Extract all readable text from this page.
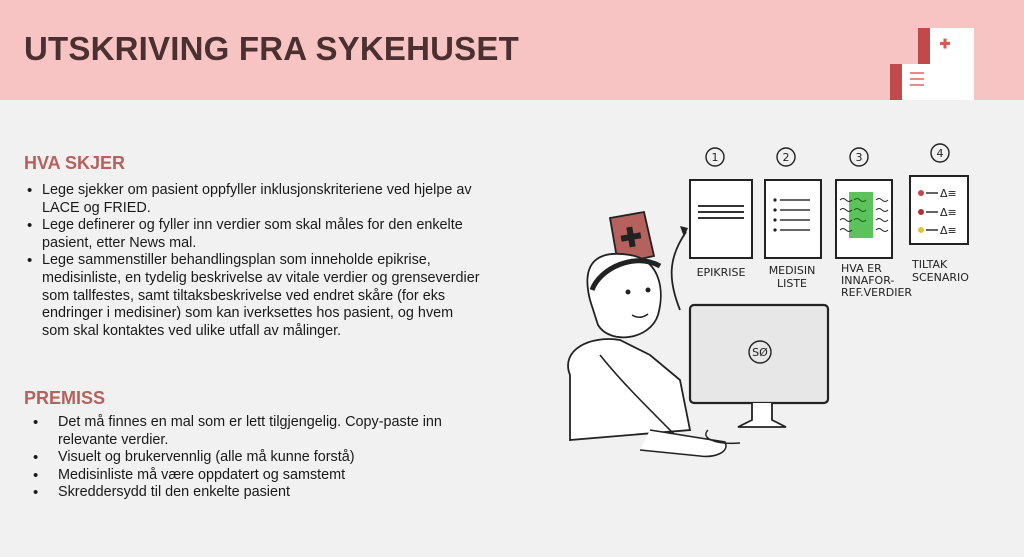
UTSKRIVING FRA SYKEHUSET
HVA SKJER
• Lege sjekker om pasient oppfyller inklusjonskriteriene ved hjelpe av LACE og FRIED.
• Lege definerer og fyller inn verdier som skal måles for den enkelte pasient, etter News mal.
• Lege sammenstiller behandlingsplan som inneholde epikrise, medisinliste, en tydelig beskrivelse av vitale verdier og grenseverdier som tallfestes, samt tiltaksbeskrivelse ved endret skåre (for eks endringer i medisiner) som kan iverksettes hos pasient, og hvem som skal kontaktes ved ulike utfall av målinger.
PREMISS
• Det må finnes en mal som er lett tilgjengelig. Copy-paste inn relevante verdier.
• Visuelt og brukervennlig (alle må kunne forstå)
• Medisinliste må være oppdatert og samstemt
• Skreddersydd til den enkelte pasient
1
EPIKRISE
2
MEDISIN
LISTE
3
HVA ER
INNAFOR-
REF.VERDIER
4
Δ≡
Δ≡
Δ≡
TILTAK
SCENARIO
SØ
